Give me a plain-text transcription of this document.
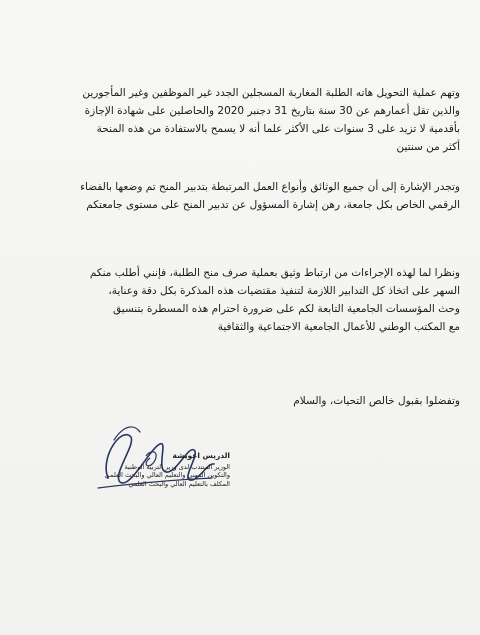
وتهم عملية التحويل هاته الطلبة المغاربة المسجلين الجدد غير الموظفين وغير المأجورين

والذين تقل أعمارهم عن 30 سنة بتاريخ 31 دجنبر 2020 والحاصلين على شهادة الإجازة

بأقدمية لا تزيد على 3 سنوات على الأكثر علما أنه لا يسمح بالاستفادة من هذه المنحة

أكثر من سنتين

وتجدر الإشارة إلى أن جميع الوثائق وأنواع العمل المرتبطة بتدبير المنح تم وضعها بالفضاء

الرقمي الخاص بكل جامعة، رهن إشارة المسؤول عن تدبير المنح على مستوى جامعتكم

ونظرا لما لهذه الإجراءات من ارتباط وثيق بعملية صرف منح الطلبة، فإنني أطلب منكم

السهر على اتخاذ كل التدابير اللازمة لتنفيذ مقتضيات هذه المذكرة بكل دقة وعناية،

وحث المؤسسات الجامعية التابعة لكم على ضرورة احترام هذه المسطرة بتنسيق

مع المكتب الوطني للأعمال الجامعية الاجتماعية والثقافية

وتفضلوا بقبول خالص التحيات، والسلام

الدريس اعويشة

الوزير المنتدب لدى وزير التربية الوطنية

والتكوين المهني والتعليم العالي والبحث العلمي

المكلف بالتعليم العالي والبحث العلمي
